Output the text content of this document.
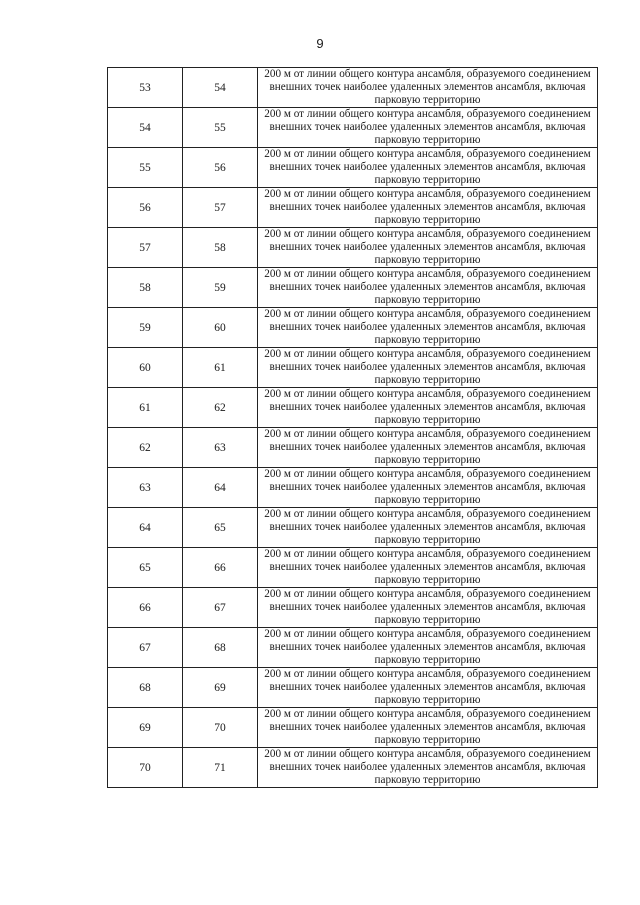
9
53	54	200 м от линии общего контура ансамбля, образуемого соединением внешних точек наиболее удаленных элементов ансамбля, включая парковую территорию
54	55	200 м от линии общего контура ансамбля, образуемого соединением внешних точек наиболее удаленных элементов ансамбля, включая парковую территорию
55	56	200 м от линии общего контура ансамбля, образуемого соединением внешних точек наиболее удаленных элементов ансамбля, включая парковую территорию
56	57	200 м от линии общего контура ансамбля, образуемого соединением внешних точек наиболее удаленных элементов ансамбля, включая парковую территорию
57	58	200 м от линии общего контура ансамбля, образуемого соединением внешних точек наиболее удаленных элементов ансамбля, включая парковую территорию
58	59	200 м от линии общего контура ансамбля, образуемого соединением внешних точек наиболее удаленных элементов ансамбля, включая парковую территорию
59	60	200 м от линии общего контура ансамбля, образуемого соединением внешних точек наиболее удаленных элементов ансамбля, включая парковую территорию
60	61	200 м от линии общего контура ансамбля, образуемого соединением внешних точек наиболее удаленных элементов ансамбля, включая парковую территорию
61	62	200 м от линии общего контура ансамбля, образуемого соединением внешних точек наиболее удаленных элементов ансамбля, включая парковую территорию
62	63	200 м от линии общего контура ансамбля, образуемого соединением внешних точек наиболее удаленных элементов ансамбля, включая парковую территорию
63	64	200 м от линии общего контура ансамбля, образуемого соединением внешних точек наиболее удаленных элементов ансамбля, включая парковую территорию
64	65	200 м от линии общего контура ансамбля, образуемого соединением внешних точек наиболее удаленных элементов ансамбля, включая парковую территорию
65	66	200 м от линии общего контура ансамбля, образуемого соединением внешних точек наиболее удаленных элементов ансамбля, включая парковую территорию
66	67	200 м от линии общего контура ансамбля, образуемого соединением внешних точек наиболее удаленных элементов ансамбля, включая парковую территорию
67	68	200 м от линии общего контура ансамбля, образуемого соединением внешних точек наиболее удаленных элементов ансамбля, включая парковую территорию
68	69	200 м от линии общего контура ансамбля, образуемого соединением внешних точек наиболее удаленных элементов ансамбля, включая парковую территорию
69	70	200 м от линии общего контура ансамбля, образуемого соединением внешних точек наиболее удаленных элементов ансамбля, включая парковую территорию
70	71	200 м от линии общего контура ансамбля, образуемого соединением внешних точек наиболее удаленных элементов ансамбля, включая парковую территорию
